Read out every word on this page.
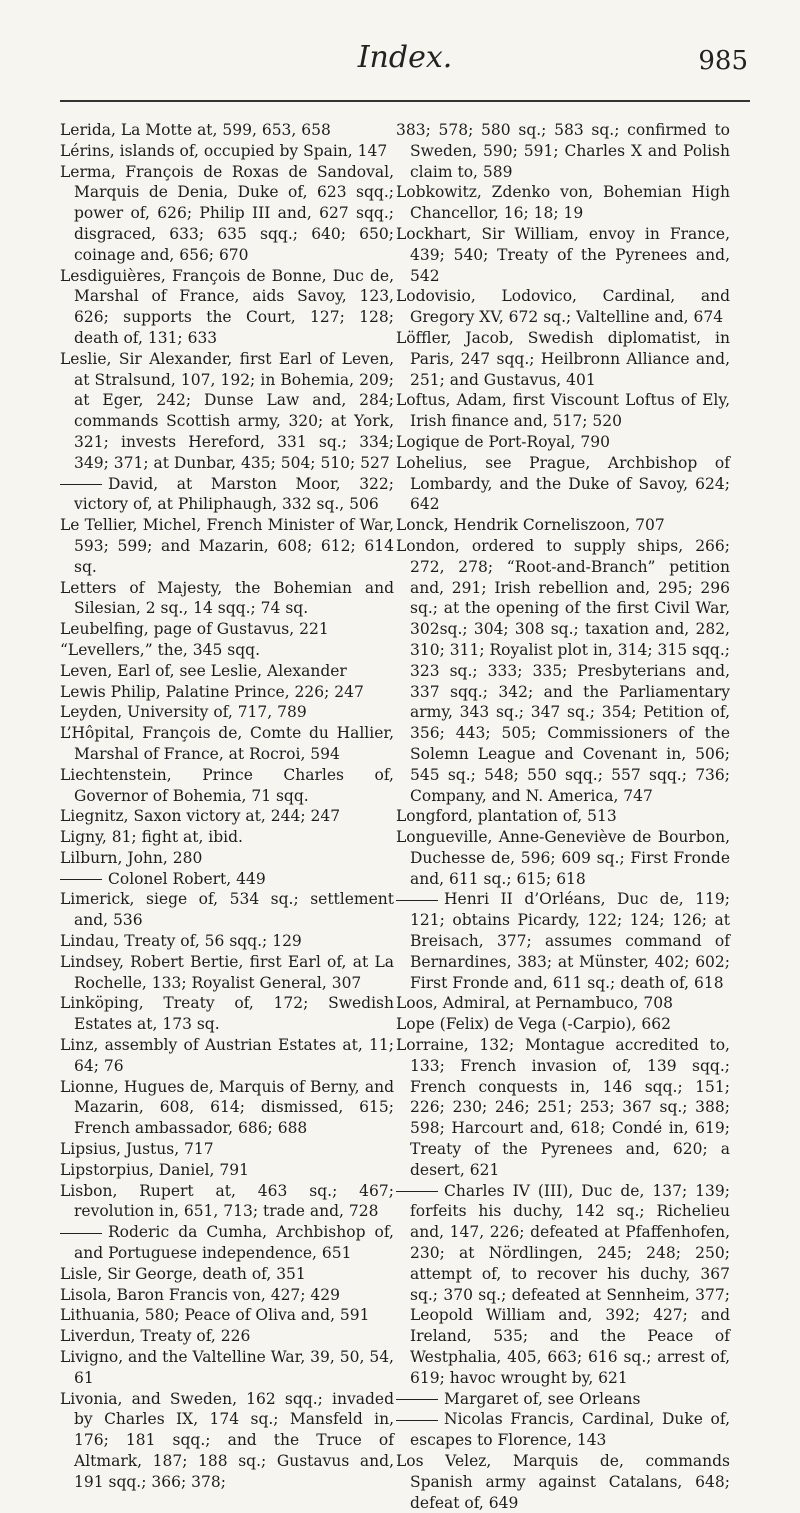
Index.	985

Lerida, La Motte at, 599, 653, 658

Lérins, islands of, occupied by Spain, 147

Lerma, François de Roxas de Sandoval, Marquis de Denia, Duke of, 623 sqq.; power of, 626; Philip III and, 627 sqq.; disgraced, 633; 635 sqq.; 640; 650; coinage and, 656; 670

Lesdiguières, François de Bonne, Duc de, Marshal of France, aids Savoy, 123, 626; supports the Court, 127; 128; death of, 131; 633

Leslie, Sir Alexander, first Earl of Leven, at Stralsund, 107, 192; in Bohemia, 209; at Eger, 242; Dunse Law and, 284; commands Scottish army, 320; at York, 321; invests Hereford, 331 sq.; 334; 349; 371; at Dunbar, 435; 504; 510; 527

David, at Marston Moor, 322; victory of, at Philiphaugh, 332 sq., 506

Le Tellier, Michel, French Minister of War, 593; 599; and Mazarin, 608; 612; 614 sq.

Letters of Majesty, the Bohemian and Silesian, 2 sq., 14 sqq.; 74 sq.

Leubelfing, page of Gustavus, 221

“Levellers,” the, 345 sqq.

Leven, Earl of, see Leslie, Alexander

Lewis Philip, Palatine Prince, 226; 247

Leyden, University of, 717, 789

L’Hôpital, François de, Comte du Hallier, Marshal of France, at Rocroi, 594

Liechtenstein, Prince Charles of, Governor of Bohemia, 71 sqq.

Liegnitz, Saxon victory at, 244; 247

Ligny, 81; fight at, ibid.

Lilburn, John, 280

Colonel Robert, 449

Limerick, siege of, 534 sq.; settlement and, 536

Lindau, Treaty of, 56 sqq.; 129

Lindsey, Robert Bertie, first Earl of, at La Rochelle, 133; Royalist General, 307

Linköping, Treaty of, 172; Swedish Estates at, 173 sq.

Linz, assembly of Austrian Estates at, 11; 64; 76

Lionne, Hugues de, Marquis of Berny, and Mazarin, 608, 614; dismissed, 615; French ambassador, 686; 688

Lipsius, Justus, 717

Lipstorpius, Daniel, 791

Lisbon, Rupert at, 463 sq.; 467; revolution in, 651, 713; trade and, 728

Roderic da Cumha, Archbishop of, and Portuguese independence, 651

Lisle, Sir George, death of, 351

Lisola, Baron Francis von, 427; 429

Lithuania, 580; Peace of Oliva and, 591

Liverdun, Treaty of, 226

Livigno, and the Valtelline War, 39, 50, 54, 61

Livonia, and Sweden, 162 sqq.; invaded by Charles IX, 174 sq.; Mansfeld in, 176; 181 sqq.; and the Truce of Altmark, 187; 188 sq.; Gustavus and, 191 sqq.; 366; 378;

383; 578; 580 sq.; 583 sq.; confirmed to Sweden, 590; 591; Charles X and Polish claim to, 589

Lobkowitz, Zdenko von, Bohemian High Chancellor, 16; 18; 19

Lockhart, Sir William, envoy in France, 439; 540; Treaty of the Pyrenees and, 542

Lodovisio, Lodovico, Cardinal, and Gregory XV, 672 sq.; Valtelline and, 674

Löffler, Jacob, Swedish diplomatist, in Paris, 247 sqq.; Heilbronn Alliance and, 251; and Gustavus, 401

Loftus, Adam, first Viscount Loftus of Ely, Irish finance and, 517; 520

Logique de Port-Royal, 790

Lohelius, see Prague, Archbishop of Lombardy, and the Duke of Savoy, 624; 642

Lonck, Hendrik Corneliszoon, 707

London, ordered to supply ships, 266; 272, 278; “Root-and-Branch” petition and, 291; Irish rebellion and, 295; 296 sq.; at the opening of the first Civil War, 302sq.; 304; 308 sq.; taxation and, 282, 310; 311; Royalist plot in, 314; 315 sqq.; 323 sq.; 333; 335; Presbyterians and, 337 sqq.; 342; and the Parliamentary army, 343 sq.; 347 sq.; 354; Petition of, 356; 443; 505; Commissioners of the Solemn League and Covenant in, 506; 545 sq.; 548; 550 sqq.; 557 sqq.; 736; Company, and N. America, 747

Longford, plantation of, 513

Longueville, Anne-Geneviève de Bourbon, Duchesse de, 596; 609 sq.; First Fronde and, 611 sq.; 615; 618

Henri II d’Orléans, Duc de, 119; 121; obtains Picardy, 122; 124; 126; at Breisach, 377; assumes command of Bernardines, 383; at Münster, 402; 602; First Fronde and, 611 sq.; death of, 618

Loos, Admiral, at Pernambuco, 708

Lope (Felix) de Vega (-Carpio), 662

Lorraine, 132; Montague accredited to, 133; French invasion of, 139 sqq.; French conquests in, 146 sqq.; 151; 226; 230; 246; 251; 253; 367 sq.; 388; 598; Harcourt and, 618; Condé in, 619; Treaty of the Pyrenees and, 620; a desert, 621

Charles IV (III), Duc de, 137; 139; forfeits his duchy, 142 sq.; Richelieu and, 147, 226; defeated at Pfaffenhofen, 230; at Nördlingen, 245; 248; 250; attempt of, to recover his duchy, 367 sq.; 370 sq.; defeated at Sennheim, 377; Leopold William and, 392; 427; and Ireland, 535; and the Peace of Westphalia, 405, 663; 616 sq.; arrest of, 619; havoc wrought by, 621

Margaret of, see Orleans

Nicolas Francis, Cardinal, Duke of, escapes to Florence, 143

Los Velez, Marquis de, commands Spanish army against Catalans, 648; defeat of, 649
